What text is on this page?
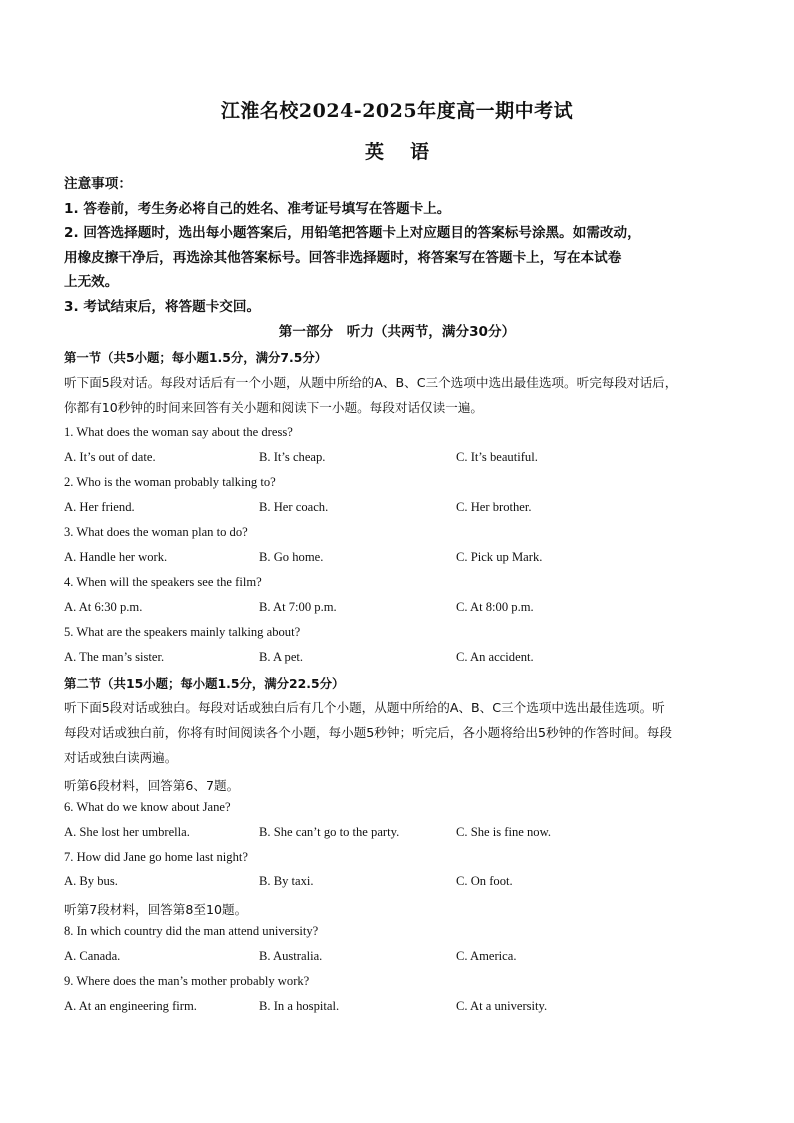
江淮名校2024-2025年度高一期中考试
英语
注意事项：
1. 答卷前，考生务必将自己的姓名、准考证号填写在答题卡上。
2. 回答选择题时，选出每小题答案后，用铅笔把答题卡上对应题目的答案标号涂黑。如需改动，
用橡皮擦干净后，再选涂其他答案标号。回答非选择题时，将答案写在答题卡上，写在本试卷
上无效。
3. 考试结束后，将答题卡交回。
第一部分　听力（共两节，满分30分）
第一节（共5小题；每小题1.5分，满分7.5分）
听下面5段对话。每段对话后有一个小题，从题中所给的A、B、C三个选项中选出最佳选项。听完每段对话后，
你都有10秒钟的时间来回答有关小题和阅读下一小题。每段对话仅读一遍。
1. What does the woman say about the dress?
A. It’s out of date.	B. It’s cheap.	C. It’s beautiful.
2. Who is the woman probably talking to?
A. Her friend.	B. Her coach.	C. Her brother.
3. What does the woman plan to do?
A. Handle her work.	B. Go home.	C. Pick up Mark.
4. When will the speakers see the film?
A. At 6:30 p.m.	B. At 7:00 p.m.	C. At 8:00 p.m.
5. What are the speakers mainly talking about?
A. The man’s sister.	B. A pet.	C. An accident.
第二节（共15小题；每小题1.5分，满分22.5分）
听下面5段对话或独白。每段对话或独白后有几个小题，从题中所给的A、B、C三个选项中选出最佳选项。听
每段对话或独白前，你将有时间阅读各个小题，每小题5秒钟；听完后，各小题将给出5秒钟的作答时间。每段
对话或独白读两遍。
听第6段材料，回答第6、7题。
6. What do we know about Jane?
A. She lost her umbrella.	B. She can’t go to the party.	C. She is fine now.
7. How did Jane go home last night?
A. By bus.	B. By taxi.	C. On foot.
听第7段材料，回答第8至10题。
8. In which country did the man attend university?
A. Canada.	B. Australia.	C. America.
9. Where does the man’s mother probably work?
A. At an engineering firm.	B. In a hospital.	C. At a university.
